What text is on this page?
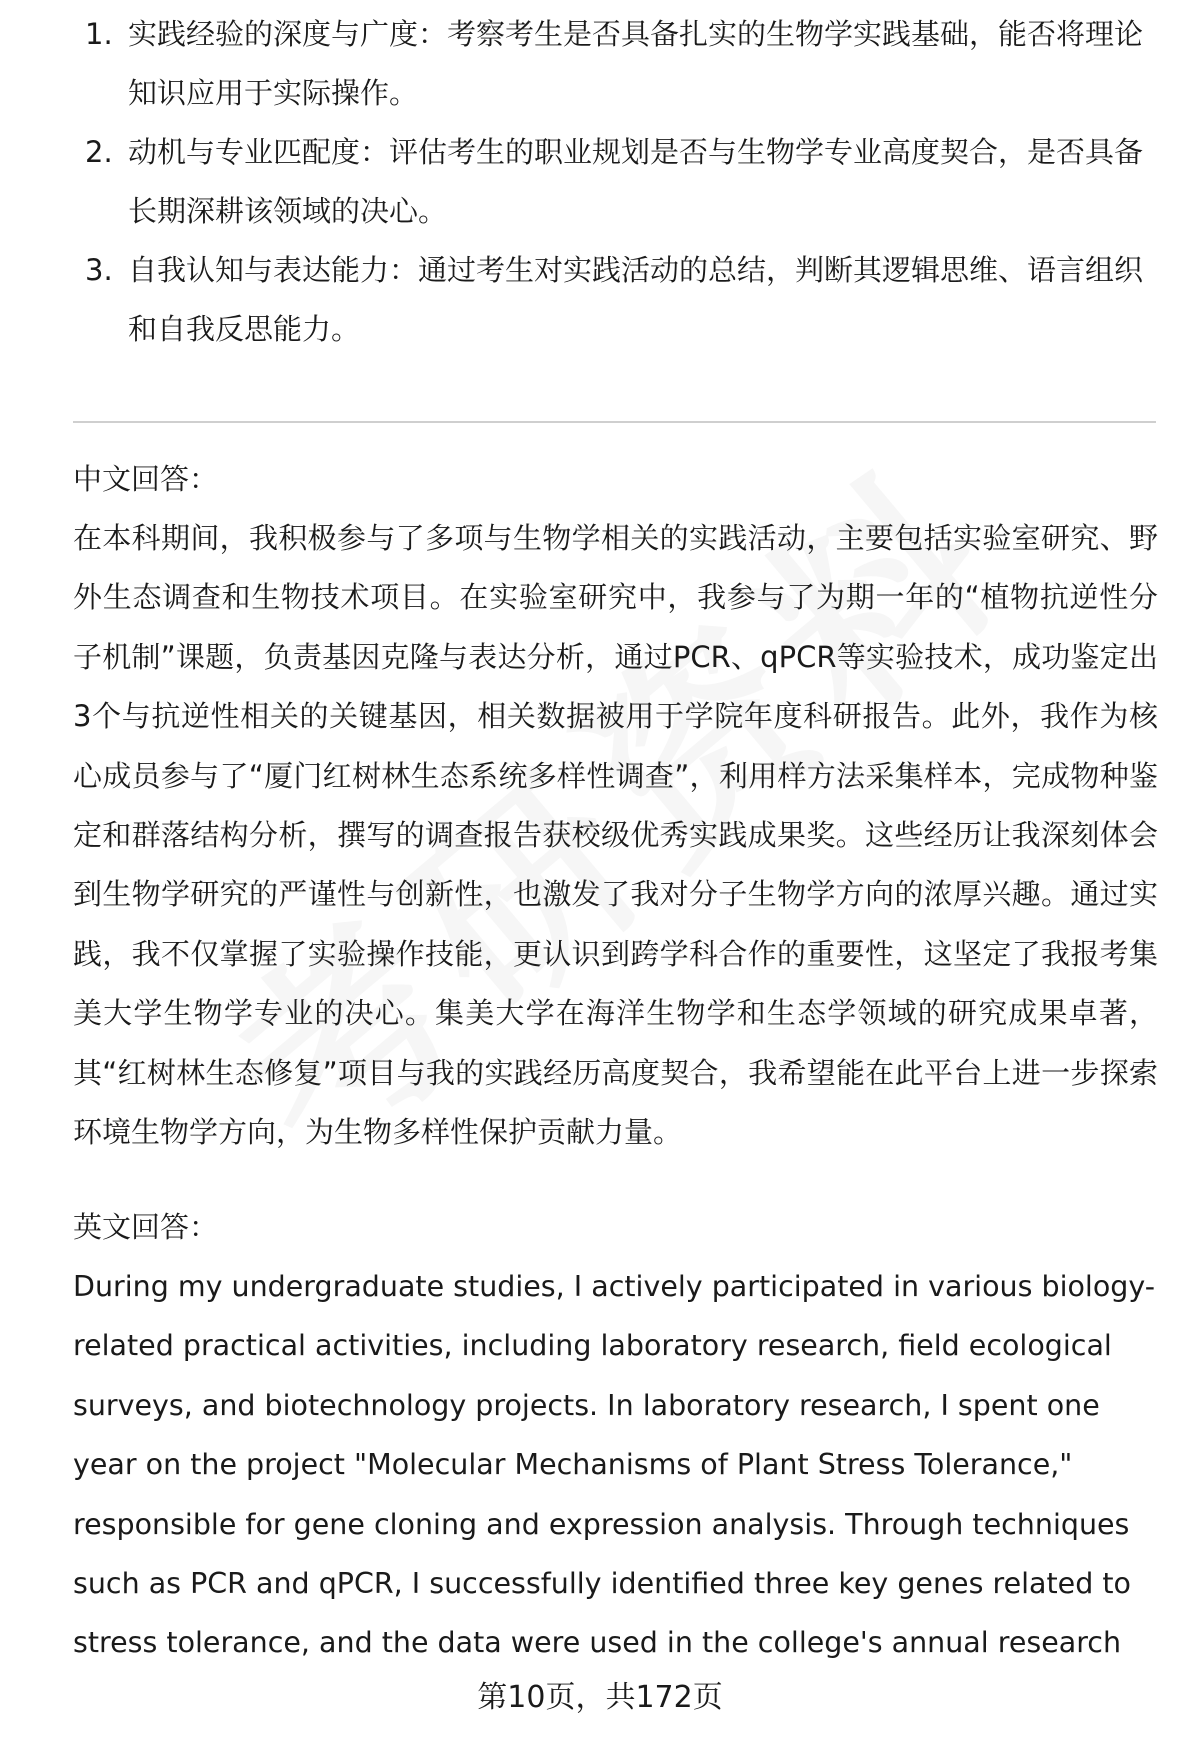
1. 实践经验的深度与广度：考察考生是否具备扎实的生物学实践基础，能否将理论知识应用于实际操作。
2. 动机与专业匹配度：评估考生的职业规划是否与生物学专业高度契合，是否具备长期深耕该领域的决心。
3. 自我认知与表达能力：通过考生对实践活动的总结，判断其逻辑思维、语言组织和自我反思能力。
中文回答：

在本科期间，我积极参与了多项与生物学相关的实践活动，主要包括实验室研究、野外生态调查和生物技术项目。在实验室研究中，我参与了为期一年的“植物抗逆性分子机制”课题，负责基因克隆与表达分析，通过PCR、qPCR等实验技术，成功鉴定出3个与抗逆性相关的关键基因，相关数据被用于学院年度科研报告。此外，我作为核心成员参与了“厦门红树林生态系统多样性调查”，利用样方法采集样本，完成物种鉴定和群落结构分析，撰写的调查报告获校级优秀实践成果奖。这些经历让我深刻体会到生物学研究的严谨性与创新性，也激发了我对分子生物学方向的浓厚兴趣。通过实践，我不仅掌握了实验操作技能，更认识到跨学科合作的重要性，这坚定了我报考集美大学生物学专业的决心。集美大学在海洋生物学和生态学领域的研究成果卓著，其“红树林生态修复”项目与我的实践经历高度契合，我希望能在此平台上进一步探索环境生物学方向，为生物多样性保护贡献力量。

英文回答：

During my undergraduate studies, I actively participated in various biology-related practical activities, including laboratory research, field ecological surveys, and biotechnology projects. In laboratory research, I spent one year on the project "Molecular Mechanisms of Plant Stress Tolerance," responsible for gene cloning and expression analysis. Through techniques such as PCR and qPCR, I successfully identified three key genes related to stress tolerance, and the data were used in the college's annual research

第10页，共172页
